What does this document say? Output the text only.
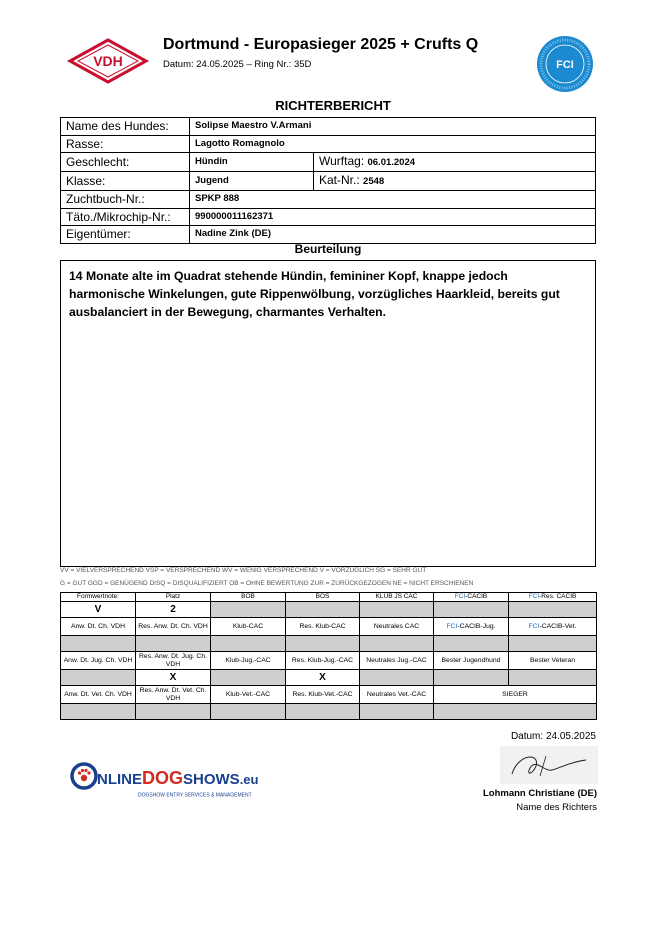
VDH
Dortmund - Europasieger 2025 + Crufts Q
Datum: 24.05.2025 – Ring Nr.: 35D	FCI
RICHTERBERICHT
Name des Hundes:	Solipse Maestro V.Armani	
Rasse:	Lagotto Romagnolo	
Geschlecht:	Hündin	Wurftag: 06.01.2024
Klasse:	Jugend	Kat-Nr.: 2548
Zuchtbuch-Nr.:	SPKP 888	
Täto./Mikrochip-Nr.:	990000011162371	
Eigentümer:	Nadine Zink (DE)	
Beurteilung
14 Monate alte im Quadrat stehende Hündin, femininer Kopf, knappe jedoch harmonische Winkelungen, gute Rippenwölbung, vorzügliches Haarkleid, bereits gut ausbalanciert in der Bewegung, charmantes Verhalten.
VV = VIELVERSPRECHEND VSP = VERSPRECHEND WV = WENIG VERSPRECHEND V = VORZÜGLICH SG = SEHR GUT
G = GUT GGD = GENÜGEND DISQ = DISQUALIFIZIERT OB = OHNE BEWERTUNG ZUR = ZURÜCKGEZOGEN NE = NICHT ERSCHIENEN
Formwertnote:	Platz	BOB	BOS	KLUB JS CAC	FCI-CACIB	FCI-Res. CACIB
V	2					
Anw. Dt. Ch. VDH	Res. Anw. Dt. Ch. VDH	Klub-CAC	Res. Klub-CAC	Neutrales CAC	FCI-CACIB-Jug.	FCI-CACIB-Vet.

Anw. Dt. Jug. Ch. VDH	Res. Anw. Dt. Jug. Ch. VDH	Klub-Jug.-CAC	Res. Klub-Jug.-CAC	Neutrales Jug.-CAC	Bester Jugendhund	Bester Veteran
	X		X			
Anw. Dt. Vet. Ch. VDH	Res. Anw. Dt. Vet. Ch. VDH	Klub-Vet.-CAC	Res. Klub-Vet.-CAC	Neutrales Vet.-CAC	SIEGER	

Datum: 24.05.2025
NLINEDOGSHOWS.eu
DOGSHOW ENTRY SERVICES & MANAGEMENT	Lohmann Christiane (DE)
Name des Richters
